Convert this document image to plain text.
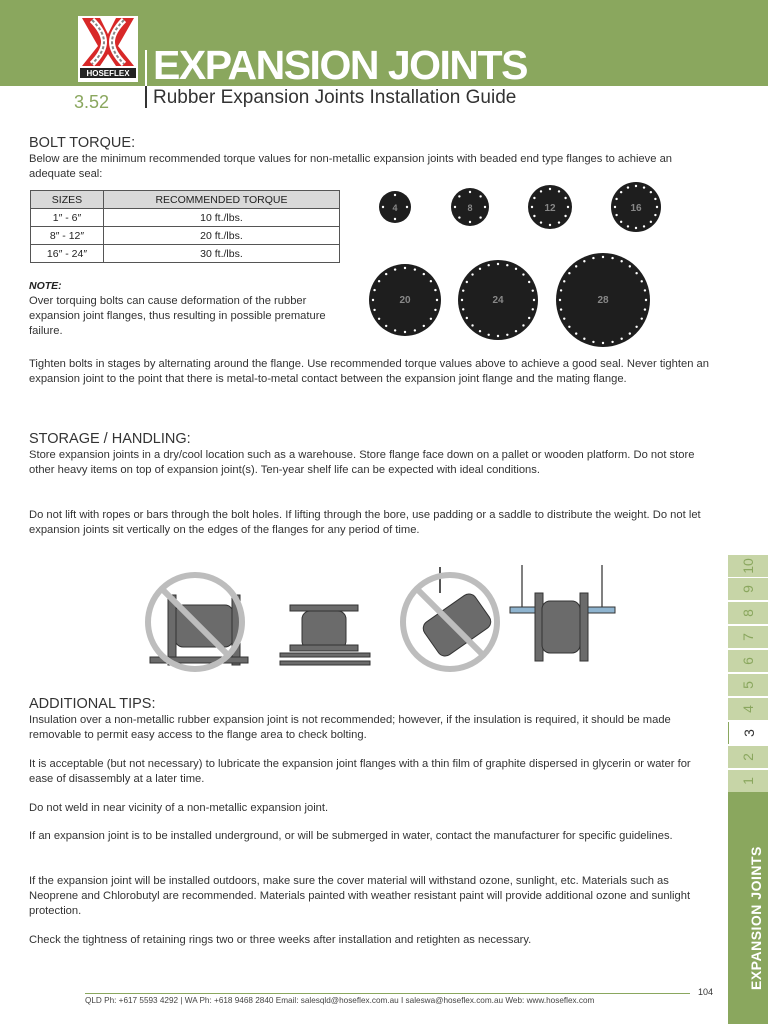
HOSEFLEX EXPANSION JOINTS
3.52 Rubber Expansion Joints Installation Guide
BOLT TORQUE:

Below are the minimum recommended torque values for non-metallic expansion joints with beaded end type flanges to achieve an adequate seal:

SIZES	RECOMMENDED TORQUE
1″ - 6″	10 ft./lbs.
8″ - 12″	20 ft./lbs.
16″ - 24″	30 ft./lbs.
NOTE:

Over torquing bolts can cause deformation of the rubber expansion joint flanges, thus resulting in possible premature failure.

4	8	12	16
20	24	28

Tighten bolts in stages by alternating around the flange. Use recommended torque values above to achieve a good seal. Never tighten an expansion joint to the point that there is metal-to-metal contact between the expansion joint flange and the mating flange.

STORAGE / HANDLING:

Store expansion joints in a dry/cool location such as a warehouse. Store flange face down on a pallet or wooden platform. Do not store other heavy items on top of expansion joint(s). Ten-year shelf life can be expected with ideal conditions.

Do not lift with ropes or bars through the bolt holes. If lifting through the bore, use padding or a saddle to distribute the weight. Do not let expansion joints sit vertically on the edges of the flanges for any period of time.

ADDITIONAL TIPS:

Insulation over a non-metallic rubber expansion joint is not recommended; however, if the insulation is required, it should be made removable to permit easy access to the flange area to check bolting.

It is acceptable (but not necessary) to lubricate the expansion joint flanges with a thin film of graphite dispersed in glycerin or water for ease of disassembly at a later time.

Do not weld in near vicinity of a non-metallic expansion joint.

If an expansion joint is to be installed underground, or will be submerged in water, contact the manufacturer for specific guidelines.

If the expansion joint will be installed outdoors, make sure the cover material will withstand ozone, sunlight, etc. Materials such as Neoprene and Chlorobutyl are recommended. Materials painted with weather resistant paint will provide additional ozone and sunlight protection.

Check the tightness of retaining rings two or three weeks after installation and retighten as necessary.

1
2
3
4
5
6
7
8
9
10
EXPANSION JOINTS
104
QLD Ph: +617 5593 4292 | WA Ph: +618 9468 2840 Email: salesqld@hoseflex.com.au I saleswa@hoseflex.com.au Web: www.hoseflex.com
